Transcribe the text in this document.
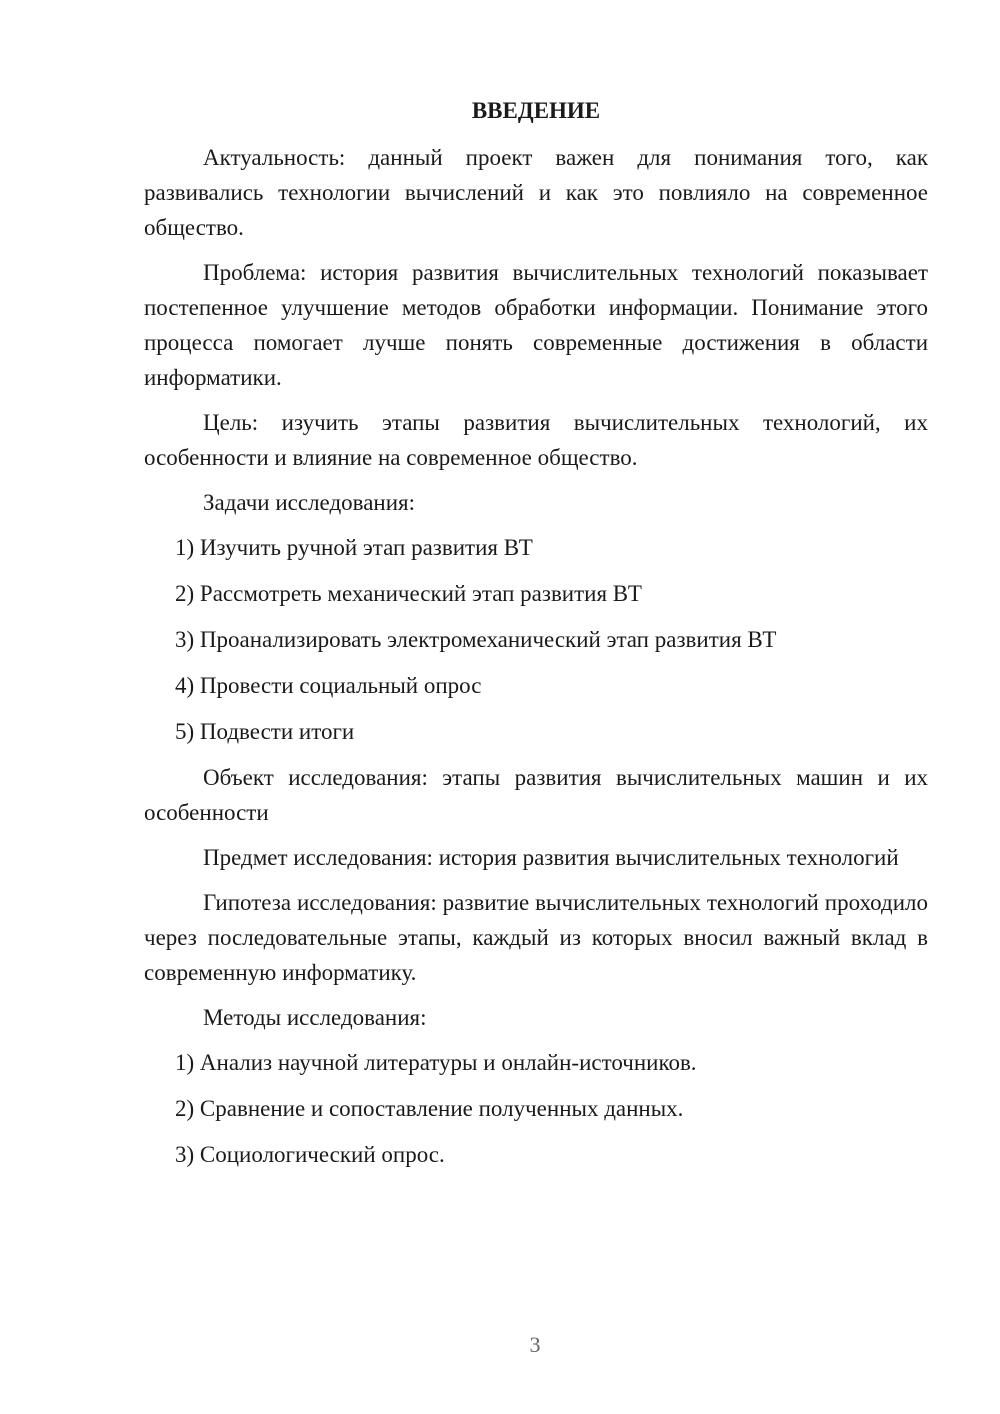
ВВЕДЕНИЕ

Актуальность: данный проект важен для понимания того, как развивались технологии вычислений и как это повлияло на современное общество.

Проблема: история развития вычислительных технологий показывает постепенное улучшение методов обработки информации. Понимание этого процесса помогает лучше понять современные достижения в области информатики.

Цель: изучить этапы развития вычислительных технологий, их особенности и влияние на современное общество.

Задачи исследования:

1) Изучить ручной этап развития ВТ
2) Рассмотреть механический этап развития ВТ
3) Проанализировать электромеханический этап развития ВТ
4) Провести социальный опрос
5) Подвести итоги

Объект исследования: этапы развития вычислительных машин и их особенности

Предмет исследования: история развития вычислительных технологий

Гипотеза исследования: развитие вычислительных технологий проходило через последовательные этапы, каждый из которых вносил важный вклад в современную информатику.

Методы исследования:

1) Анализ научной литературы и онлайн-источников.
2) Сравнение и сопоставление полученных данных.
3) Социологический опрос.
3
